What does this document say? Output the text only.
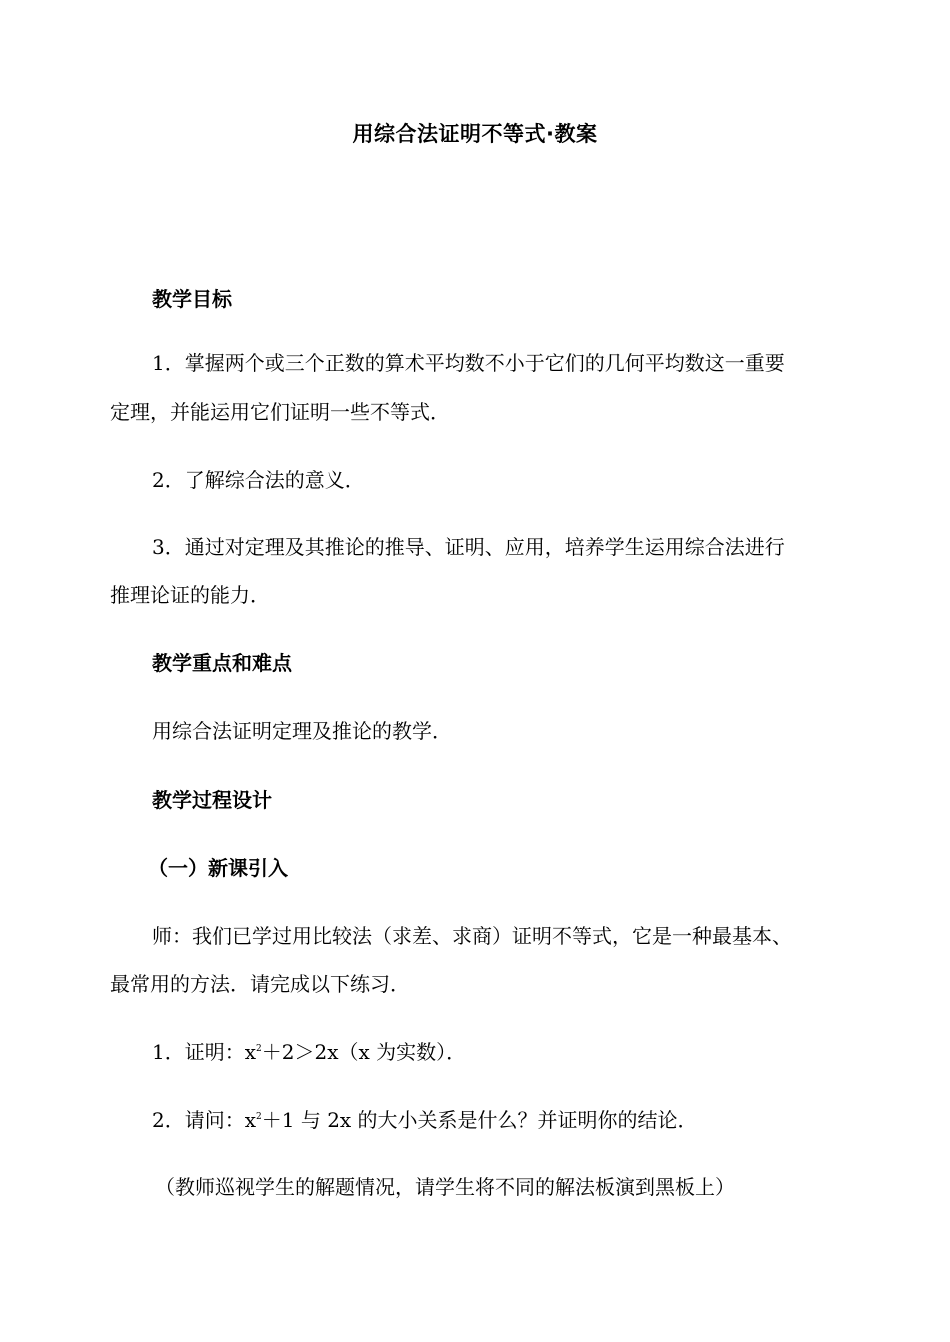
用综合法证明不等式·教案
教学目标
1．掌握两个或三个正数的算术平均数不小于它们的几何平均数这一重要
定理，并能运用它们证明一些不等式．
2．了解综合法的意义．
3．通过对定理及其推论的推导、证明、应用，培养学生运用综合法进行
推理论证的能力．
教学重点和难点
用综合法证明定理及推论的教学．
教学过程设计
（一）新课引入
师：我们已学过用比较法（求差、求商）证明不等式，它是一种最基本、
最常用的方法．请完成以下练习．
1．证明：$x^2+2>2x(x$ 为实数）．
2．请问：$x^2+1$ 与 2x 的大小关系是什么？并证明你的结论．
（教师巡视学生的解题情况，请学生将不同的解法板演到黑板上）
